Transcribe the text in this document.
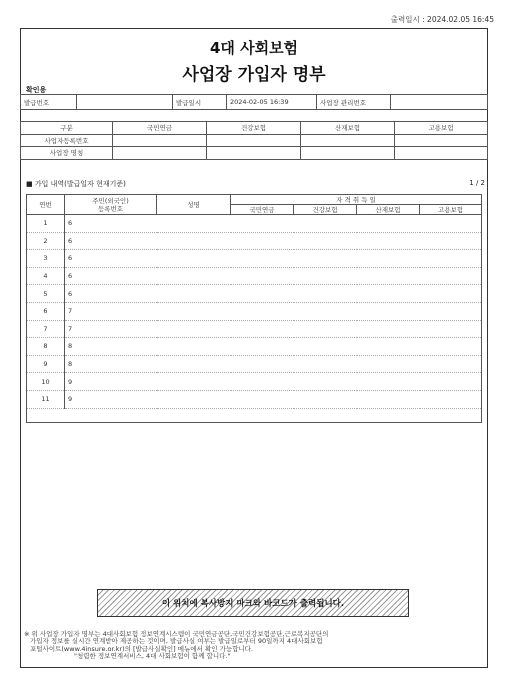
출력일시 : 2024.02.05 16:45
4대 사회보험
사업장 가입자 명부
확인용
발급번호		발급일시	2024-02-05 16:39	사업장 관리번호	
구분	국민연금	건강보험	산재보험	고용보험
사업자등록번호				
사업장 명칭				
■ 가입 내역(발급일자 현재기준)	1 / 2
연번	주민(외국인)
등록번호	성명	자 격 취 득 일			
			국민연금	건강보험	산재보험	고용보험
1	6					
2	6					
3	6					
4	6					
5	6					
6	7					
7	7					
8	8					
9	8					
10	9					
11	9					
이 위치에 복사방지 마크와 바코드가 출력됩니다.

※ 위 사업장 가입자 명부는 4대사회보험 정보연계시스템이 국민연금공단,국민건강보험공단,근로복지공단의

가입자 정보를 실시간 연계받아 제공하는 것이며, 발급사실 여부는 발급일로부터 90일까지 4대사회보험

포털사이트(www.4insure.or.kr)의 [발급사실확인] 메뉴에서 확인 가능합니다.

"청렴한 정보연계서비스, 4대 사회보험이 함께 합니다."
